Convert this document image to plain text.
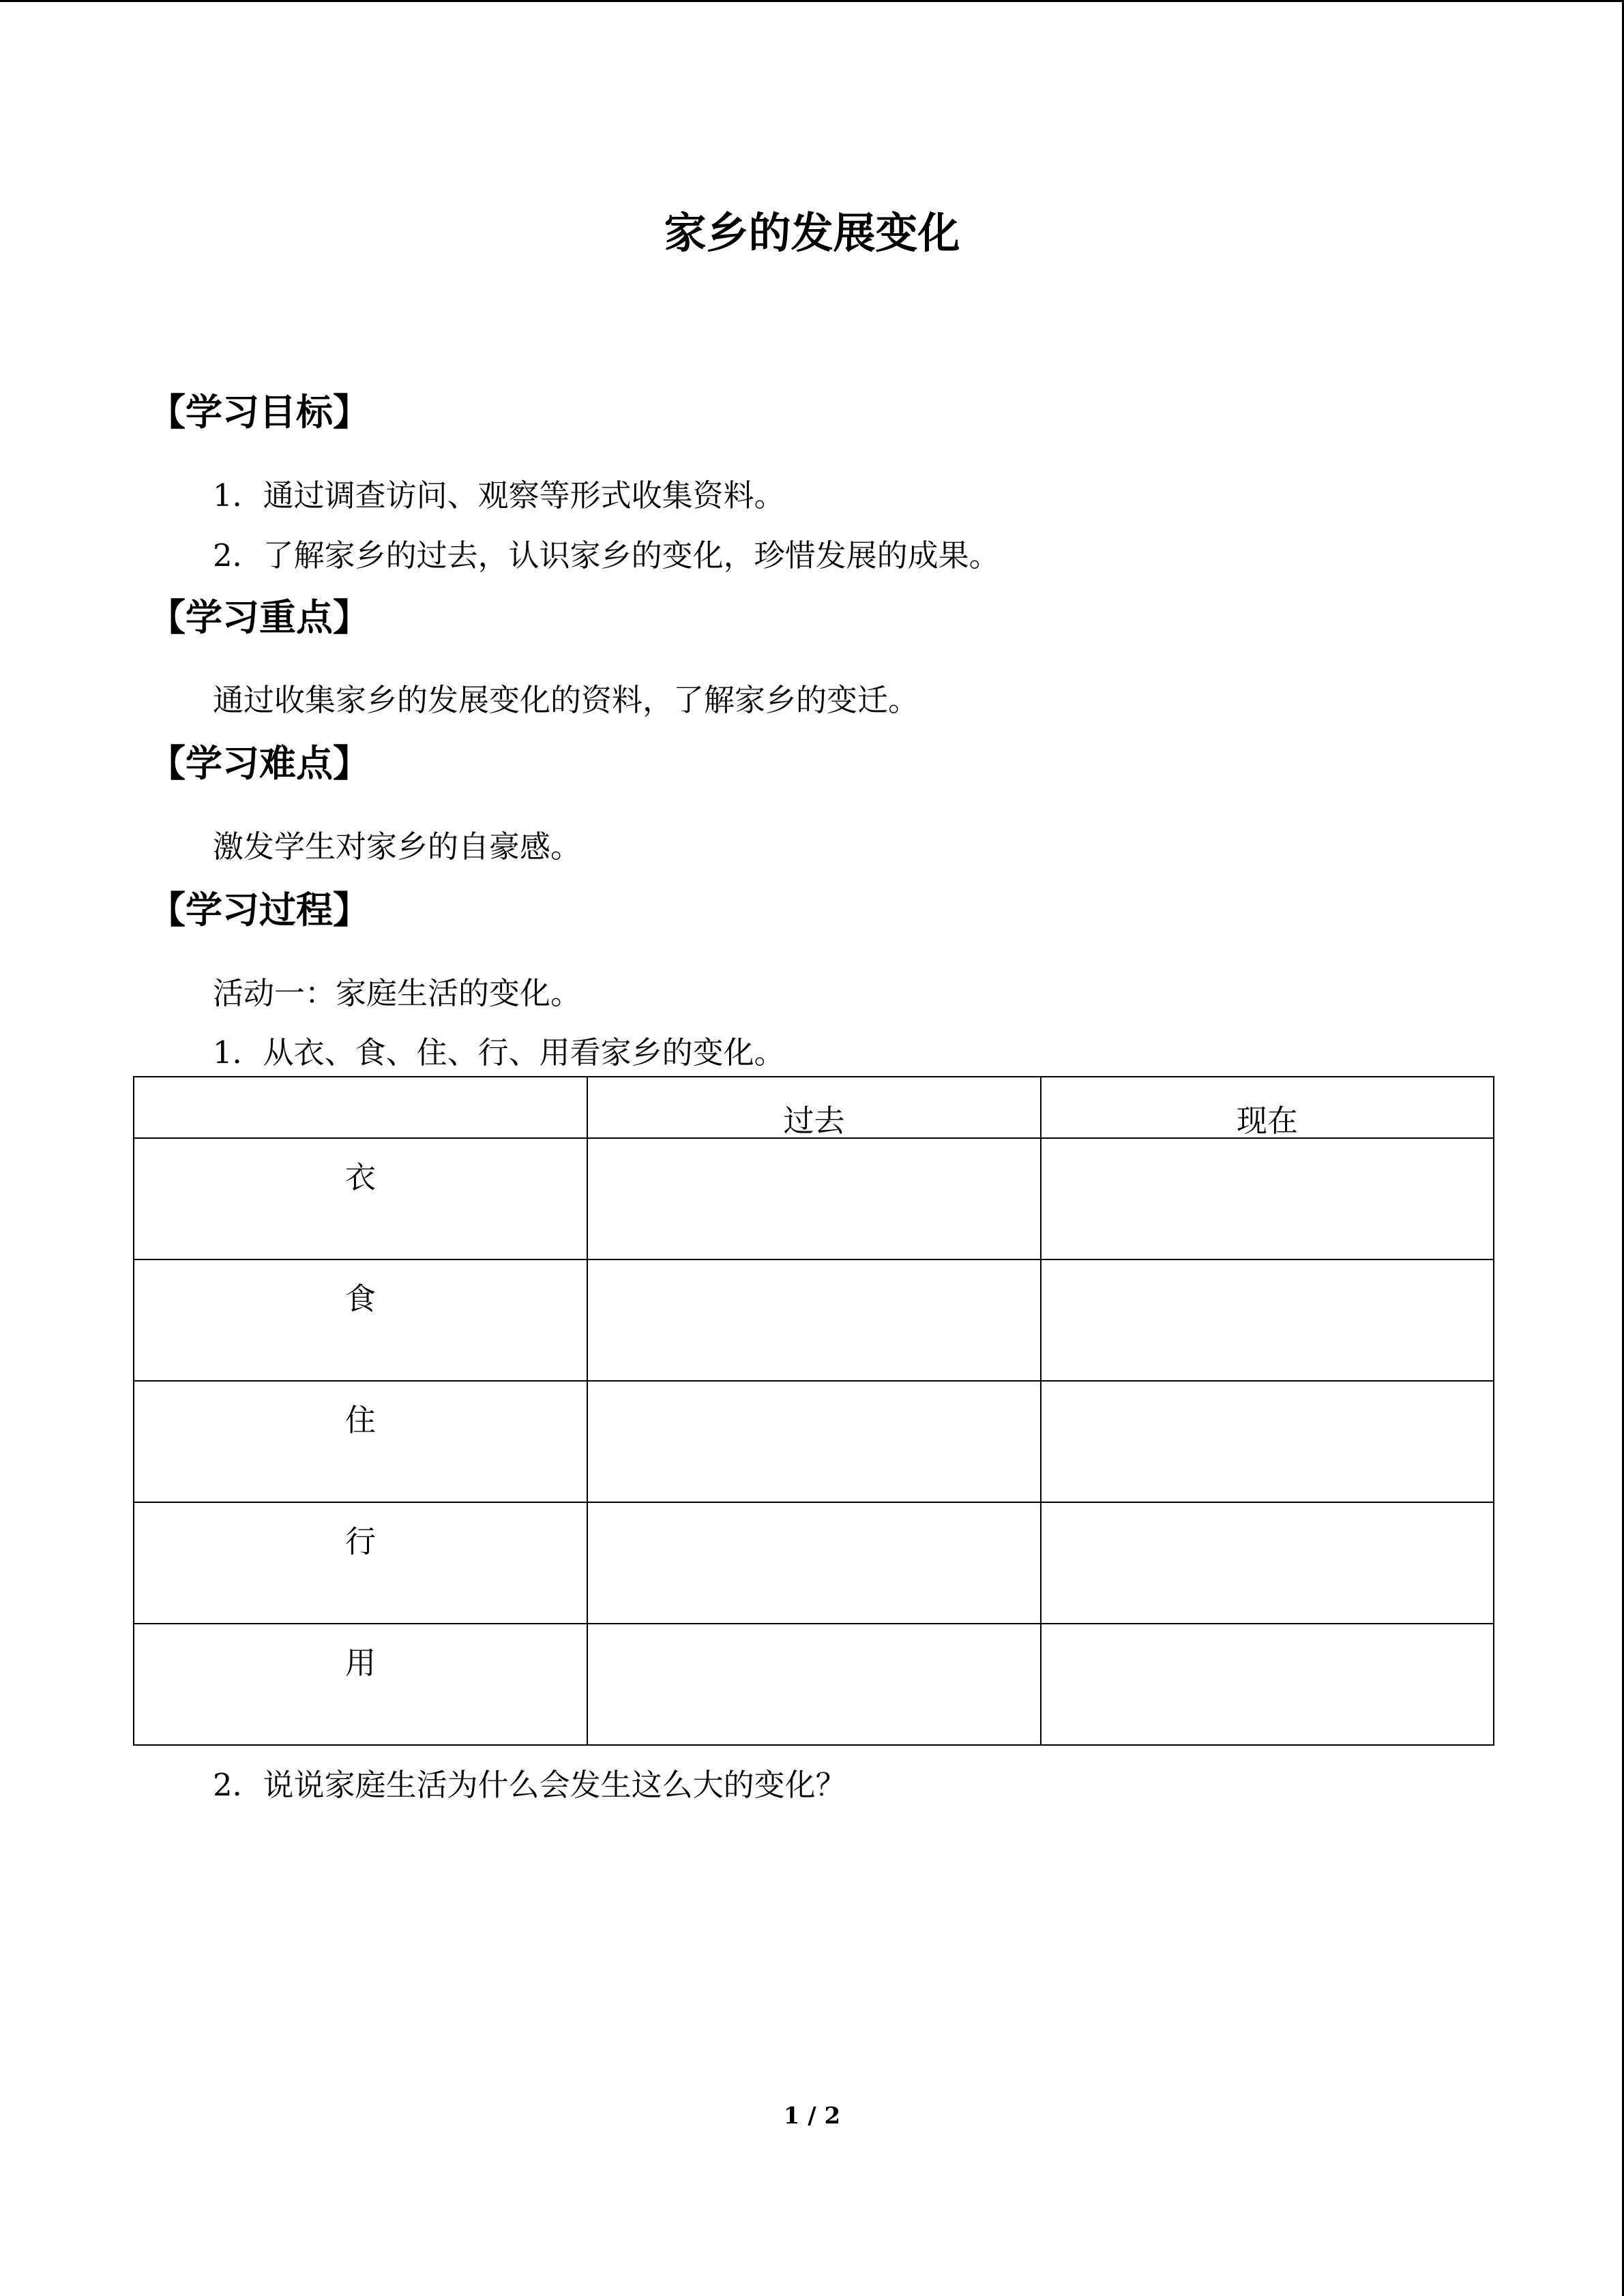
家乡的发展变化
【学习目标】
1．通过调查访问、观察等形式收集资料。
2．了解家乡的过去，认识家乡的变化，珍惜发展的成果。
【学习重点】
通过收集家乡的发展变化的资料，了解家乡的变迁。
【学习难点】
激发学生对家乡的自豪感。
【学习过程】
活动一：家庭生活的变化。
1．从衣、食、住、行、用看家乡的变化。
	过去	现在
衣		
食		
住		
行		
用		
2．说说家庭生活为什么会发生这么大的变化？
1 / 2
